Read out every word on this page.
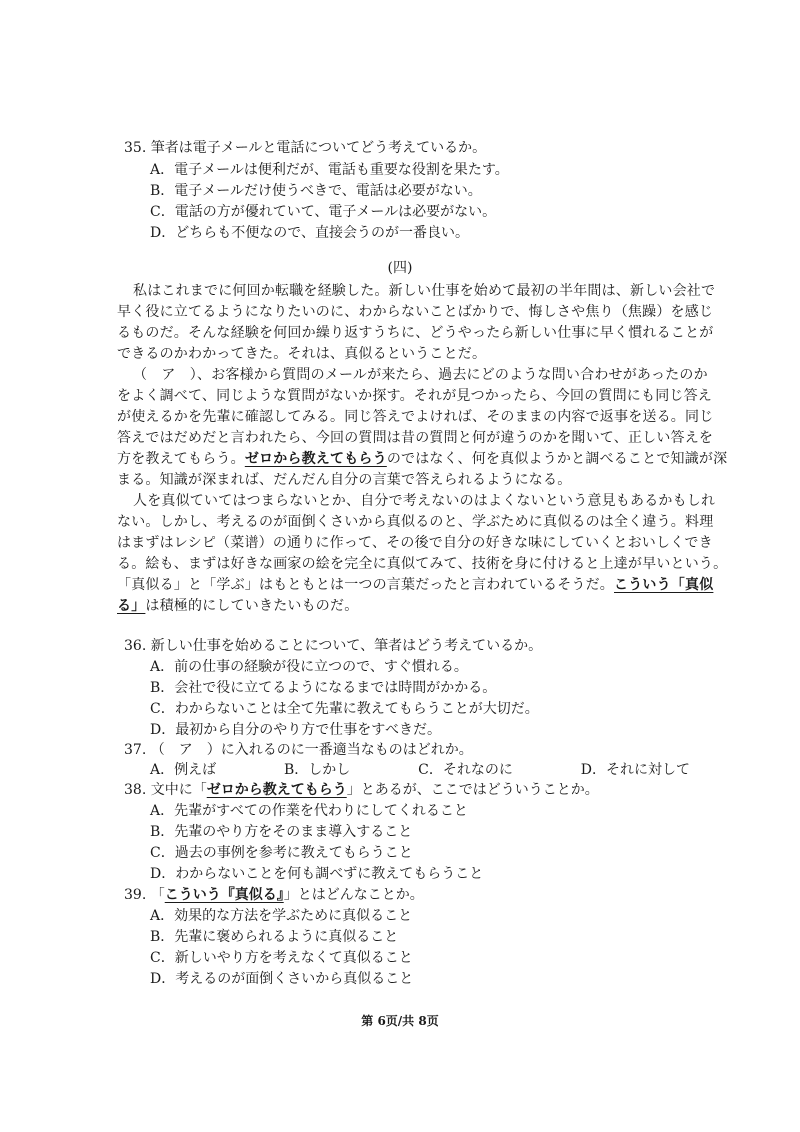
35. 筆者は電子メールと電話についてどう考えているか。
A．電子メールは便利だが、電話も重要な役割を果たす。
B．電子メールだけ使うべきで、電話は必要がない。
C．電話の方が優れていて、電子メールは必要がない。
D．どちらも不便なので、直接会うのが一番良い。
(四)
私はこれまでに何回か転職を経験した。新しい仕事を始めて最初の半年間は、新しい会社で
早く役に立てるようになりたいのに、わからないことばかりで、悔しさや焦り（焦躁）を感じ
るものだ。そんな経験を何回か繰り返すうちに、どうやったら新しい仕事に早く慣れることが
できるのかわかってきた。それは、真似るということだ。
（　ア　）、お客様から質問のメールが来たら、過去にどのような問い合わせがあったのか
をよく調べて、同じような質問がないか探す。それが見つかったら、今回の質問にも同じ答え
が使えるかを先輩に確認してみる。同じ答えでよければ、そのままの内容で返事を送る。同じ
答えではだめだと言われたら、今回の質問は昔の質問と何が違うのかを聞いて、正しい答えを
方を教えてもらう。ゼロから教えてもらうのではなく、何を真似ようかと調べることで知識が深
まる。知識が深まれば、だんだん自分の言葉で答えられるようになる。
人を真似ていてはつまらないとか、自分で考えないのはよくないという意見もあるかもしれ
ない。しかし、考えるのが面倒くさいから真似るのと、学ぶために真似るのは全く違う。料理
はまずはレシピ（菜谱）の通りに作って、その後で自分の好きな味にしていくとおいしくでき
る。絵も、まずは好きな画家の絵を完全に真似てみて、技術を身に付けると上達が早いという。
「真似る」と「学ぶ」はもともとは一つの言葉だったと言われているそうだ。こういう「真似
る」は積極的にしていきたいものだ。
36. 新しい仕事を始めることについて、筆者はどう考えているか。
A．前の仕事の経験が役に立つので、すぐ慣れる。
B．会社で役に立てるようになるまでは時間がかかる。
C．わからないことは全て先輩に教えてもらうことが大切だ。
D．最初から自分のやり方で仕事をすべきだ。
37. （　ア　）に入れるのに一番適当なものはどれか。
A．例えば	B．しかし	C．それなのに	D．それに対して
38. 文中に「ゼロから教えてもらう」とあるが、ここではどういうことか。
A．先輩がすべての作業を代わりにしてくれること
B．先輩のやり方をそのまま導入すること
C．過去の事例を参考に教えてもらうこと
D．わからないことを何も調べずに教えてもらうこと
39. 「こういう『真似る』」とはどんなことか。
A．効果的な方法を学ぶために真似ること
B．先輩に褒められるように真似ること
C．新しいやり方を考えなくて真似ること
D．考えるのが面倒くさいから真似ること
第 6页/共 8页
